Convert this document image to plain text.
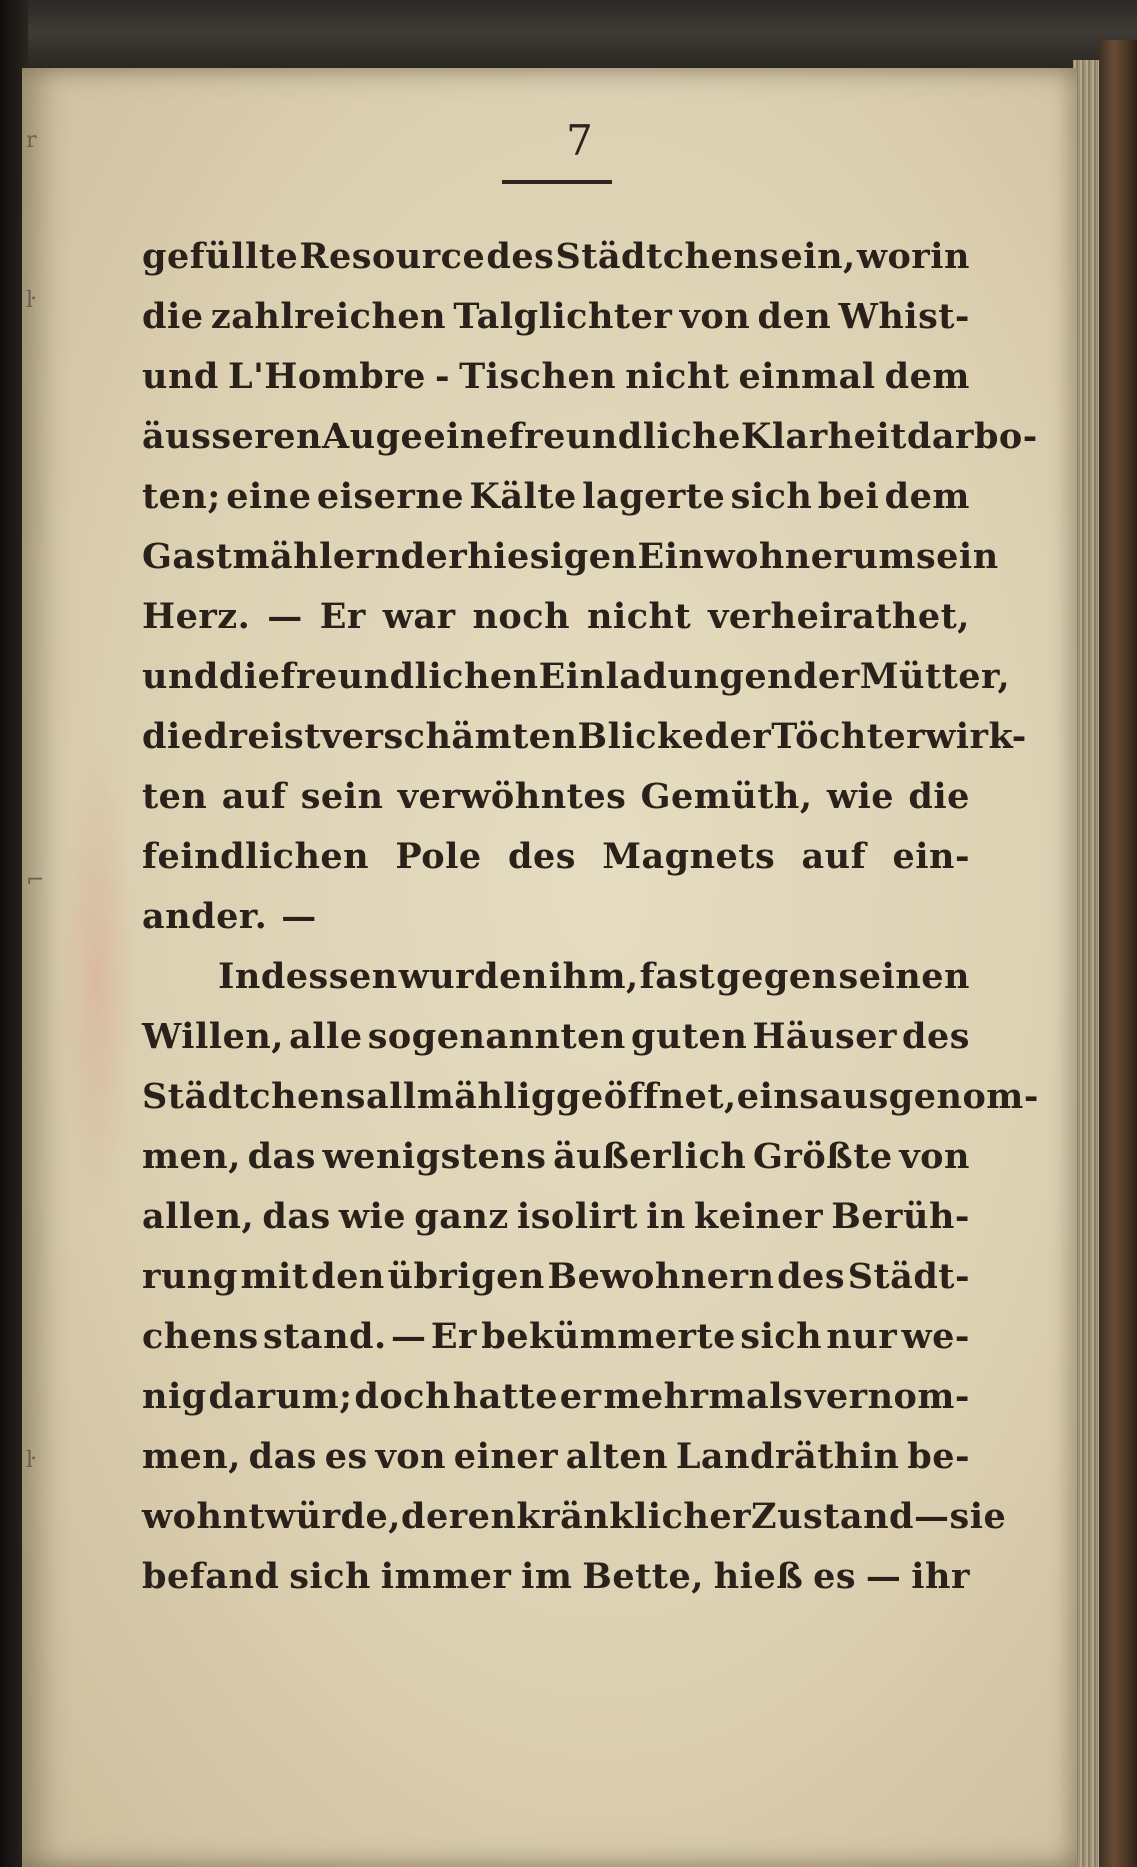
r
ŀ
⌐
ŀ
7
gefüllte Resource des Städtchens ein, worin
die zahlreichen Talglichter von den Whist-
und L'Hombre - Tischen nicht einmal dem
äusseren Auge eine freundliche Klarheit darbo-
ten; eine eiserne Kälte lagerte sich bei dem
Gastmählern der hiesigen Einwohner um sein
Herz. — Er war noch nicht verheirathet,
und die freundlichen Einladungen der Mütter,
die dreist verschämten Blicke der Töchter wirk-
ten auf sein verwöhntes Gemüth, wie die
feindlichen Pole des Magnets auf ein-
ander. —
Indessen wurden ihm, fast gegen seinen
Willen, alle sogenannten guten Häuser des
Städtchens allmählig geöffnet, eins ausgenom-
men, das wenigstens äußerlich Größte von
allen, das wie ganz isolirt in keiner Berüh-
rung mit den übrigen Bewohnern des Städt-
chens stand. — Er bekümmerte sich nur we-
nig darum; doch hatte er mehrmals vernom-
men, das es von einer alten Landräthin be-
wohnt würde, deren kränklicher Zustand — sie
befand sich immer im Bette, hieß es — ihr
